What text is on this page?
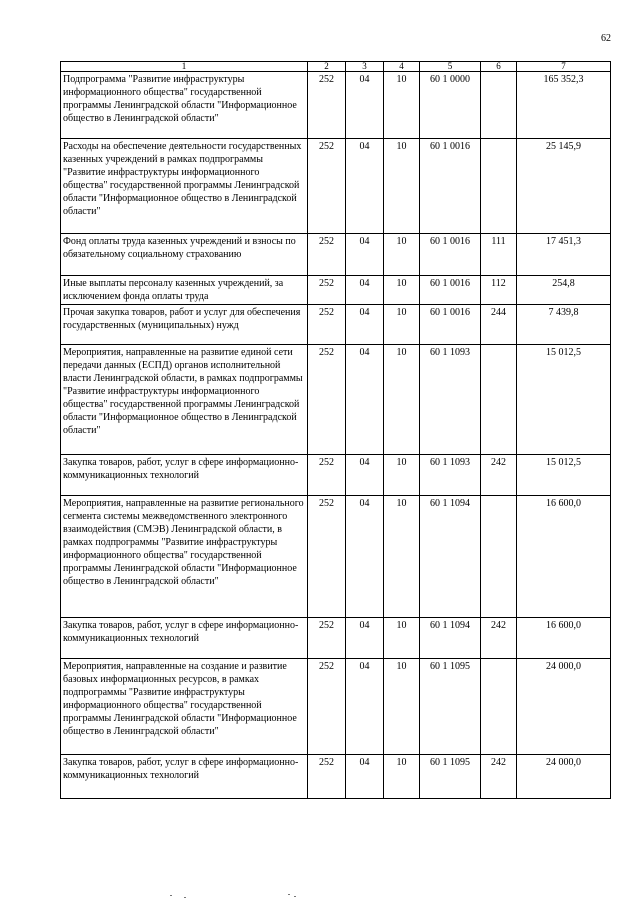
62
1	2	3	4	5	6	7
Подпрограмма "Развитие инфраструктуры информационного общества" государственной программы Ленинградской области "Информационное общество в Ленинградской области"	252	04	10	60 1 0000		165 352,3
Расходы на обеспечение деятельности государственных казенных учреждений в рамках подпрограммы "Развитие инфраструктуры информационного общества" государственной программы Ленинградской области "Информационное общество в Ленинградской области"	252	04	10	60 1 0016		25 145,9
Фонд оплаты труда казенных учреждений и взносы по обязательному социальному страхованию	252	04	10	60 1 0016	111	17 451,3
Иные выплаты персоналу казенных учреждений, за исключением фонда оплаты труда	252	04	10	60 1 0016	112	254,8
Прочая закупка товаров, работ и услуг для обеспечения государственных (муниципальных) нужд	252	04	10	60 1 0016	244	7 439,8
Мероприятия, направленные на развитие единой сети передачи данных (ЕСПД) органов исполнительной власти Ленинградской области, в рамках подпрограммы "Развитие инфраструктуры информационного общества" государственной программы Ленинградской области "Информационное общество в Ленинградской области"	252	04	10	60 1 1093		15 012,5
Закупка товаров, работ, услуг в сфере информационно-коммуникационных технологий	252	04	10	60 1 1093	242	15 012,5
Мероприятия, направленные на развитие регионального сегмента системы межведомственного электронного взаимодействия (СМЭВ) Ленинградской области, в рамках подпрограммы "Развитие инфраструктуры информационного общества" государственной программы Ленинградской области "Информационное общество в Ленинградской области"	252	04	10	60 1 1094		16 600,0
Закупка товаров, работ, услуг в сфере информационно-коммуникационных технологий	252	04	10	60 1 1094	242	16 600,0
Мероприятия, направленные на создание и развитие базовых информационных ресурсов, в рамках подпрограммы "Развитие инфраструктуры информационного общества" государственной программы Ленинградской области "Информационное общество в Ленинградской области"	252	04	10	60 1 1095		24 000,0
Закупка товаров, работ, услуг в сфере информационно-коммуникационных технологий	252	04	10	60 1 1095	242	24 000,0
